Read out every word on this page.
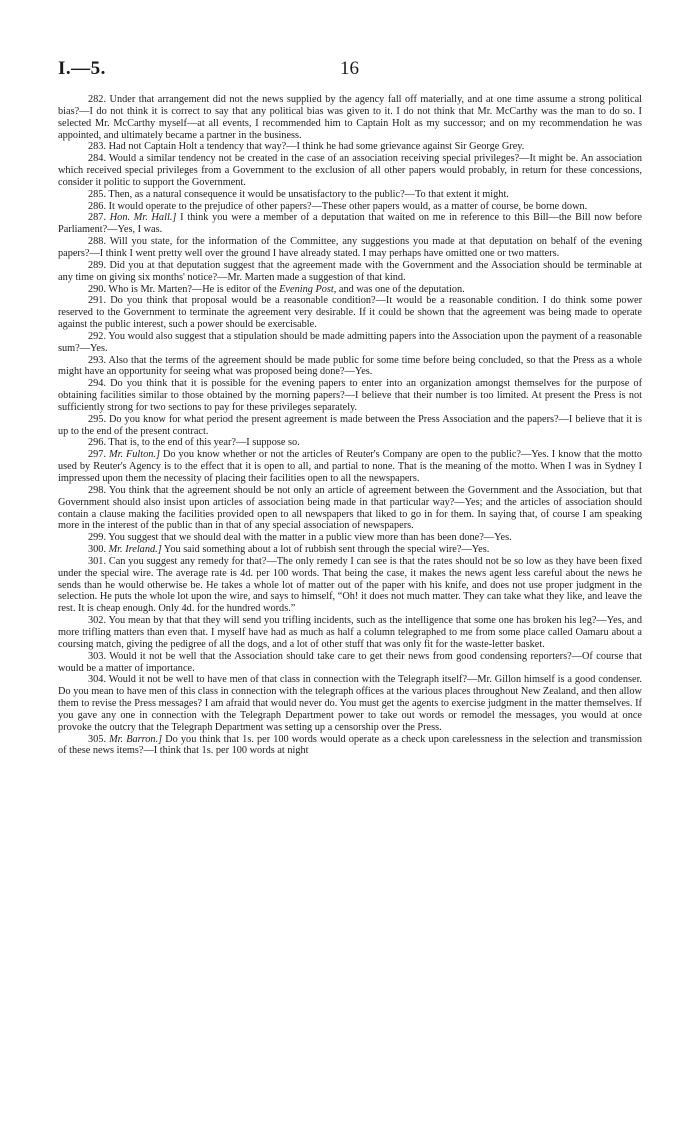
I.—5.	16

282. Under that arrangement did not the news supplied by the agency fall off materially, and at one time assume a strong political bias?—I do not think it is correct to say that any political bias was given to it. I do not think that Mr. McCarthy was the man to do so. I selected Mr. McCarthy myself—at all events, I recommended him to Captain Holt as my successor; and on my recommendation he was appointed, and ultimately became a partner in the business.

283. Had not Captain Holt a tendency that way?—I think he had some grievance against Sir George Grey.

284. Would a similar tendency not be created in the case of an association receiving special privileges?—It might be. An association which received special privileges from a Government to the exclusion of all other papers would probably, in return for these concessions, consider it politic to support the Government.

285. Then, as a natural consequence it would be unsatisfactory to the public?—To that extent it might.

286. It would operate to the prejudice of other papers?—These other papers would, as a matter of course, be borne down.

287. Hon. Mr. Hall.] I think you were a member of a deputation that waited on me in reference to this Bill—the Bill now before Parliament?—Yes, I was.

288. Will you state, for the information of the Committee, any suggestions you made at that deputation on behalf of the evening papers?—I think I went pretty well over the ground I have already stated. I may perhaps have omitted one or two matters.

289. Did you at that deputation suggest that the agreement made with the Government and the Association should be terminable at any time on giving six months' notice?—Mr. Marten made a suggestion of that kind.

290. Who is Mr. Marten?—He is editor of the Evening Post, and was one of the deputation.

291. Do you think that proposal would be a reasonable condition?—It would be a reasonable condition. I do think some power reserved to the Government to terminate the agreement very desirable. If it could be shown that the agreement was being made to operate against the public interest, such a power should be exercisable.

292. You would also suggest that a stipulation should be made admitting papers into the Association upon the payment of a reasonable sum?—Yes.

293. Also that the terms of the agreement should be made public for some time before being concluded, so that the Press as a whole might have an opportunity for seeing what was proposed being done?—Yes.

294. Do you think that it is possible for the evening papers to enter into an organization amongst themselves for the purpose of obtaining facilities similar to those obtained by the morning papers?—I believe that their number is too limited. At present the Press is not sufficiently strong for two sections to pay for these privileges separately.

295. Do you know for what period the present agreement is made between the Press Association and the papers?—I believe that it is up to the end of the present contract.

296. That is, to the end of this year?—I suppose so.

297. Mr. Fulton.] Do you know whether or not the articles of Reuter's Company are open to the public?—Yes. I know that the motto used by Reuter's Agency is to the effect that it is open to all, and partial to none. That is the meaning of the motto. When I was in Sydney I impressed upon them the necessity of placing their facilities open to all the newspapers.

298. You think that the agreement should be not only an article of agreement between the Government and the Association, but that Government should also insist upon articles of association being made in that particular way?—Yes; and the articles of association should contain a clause making the facilities provided open to all newspapers that liked to go in for them. In saying that, of course I am speaking more in the interest of the public than in that of any special association of newspapers.

299. You suggest that we should deal with the matter in a public view more than has been done?—Yes.

300. Mr. Ireland.] You said something about a lot of rubbish sent through the special wire?—Yes.

301. Can you suggest any remedy for that?—The only remedy I can see is that the rates should not be so low as they have been fixed under the special wire. The average rate is 4d. per 100 words. That being the case, it makes the news agent less careful about the news he sends than he would otherwise be. He takes a whole lot of matter out of the paper with his knife, and does not use proper judgment in the selection. He puts the whole lot upon the wire, and says to himself, “Oh! it does not much matter. They can take what they like, and leave the rest. It is cheap enough. Only 4d. for the hundred words.”

302. You mean by that that they will send you trifling incidents, such as the intelligence that some one has broken his leg?—Yes, and more trifling matters than even that. I myself have had as much as half a column telegraphed to me from some place called Oamaru about a coursing match, giving the pedigree of all the dogs, and a lot of other stuff that was only fit for the waste-letter basket.

303. Would it not be well that the Association should take care to get their news from good condensing reporters?—Of course that would be a matter of importance.

304. Would it not be well to have men of that class in connection with the Telegraph itself?—Mr. Gillon himself is a good condenser. Do you mean to have men of this class in connection with the telegraph offices at the various places throughout New Zealand, and then allow them to revise the Press messages? I am afraid that would never do. You must get the agents to exercise judgment in the matter themselves. If you gave any one in connection with the Telegraph Department power to take out words or remodel the messages, you would at once provoke the outcry that the Telegraph Department was setting up a censorship over the Press.

305. Mr. Barron.] Do you think that 1s. per 100 words would operate as a check upon carelessness in the selection and transmission of these news items?—I think that 1s. per 100 words at night
